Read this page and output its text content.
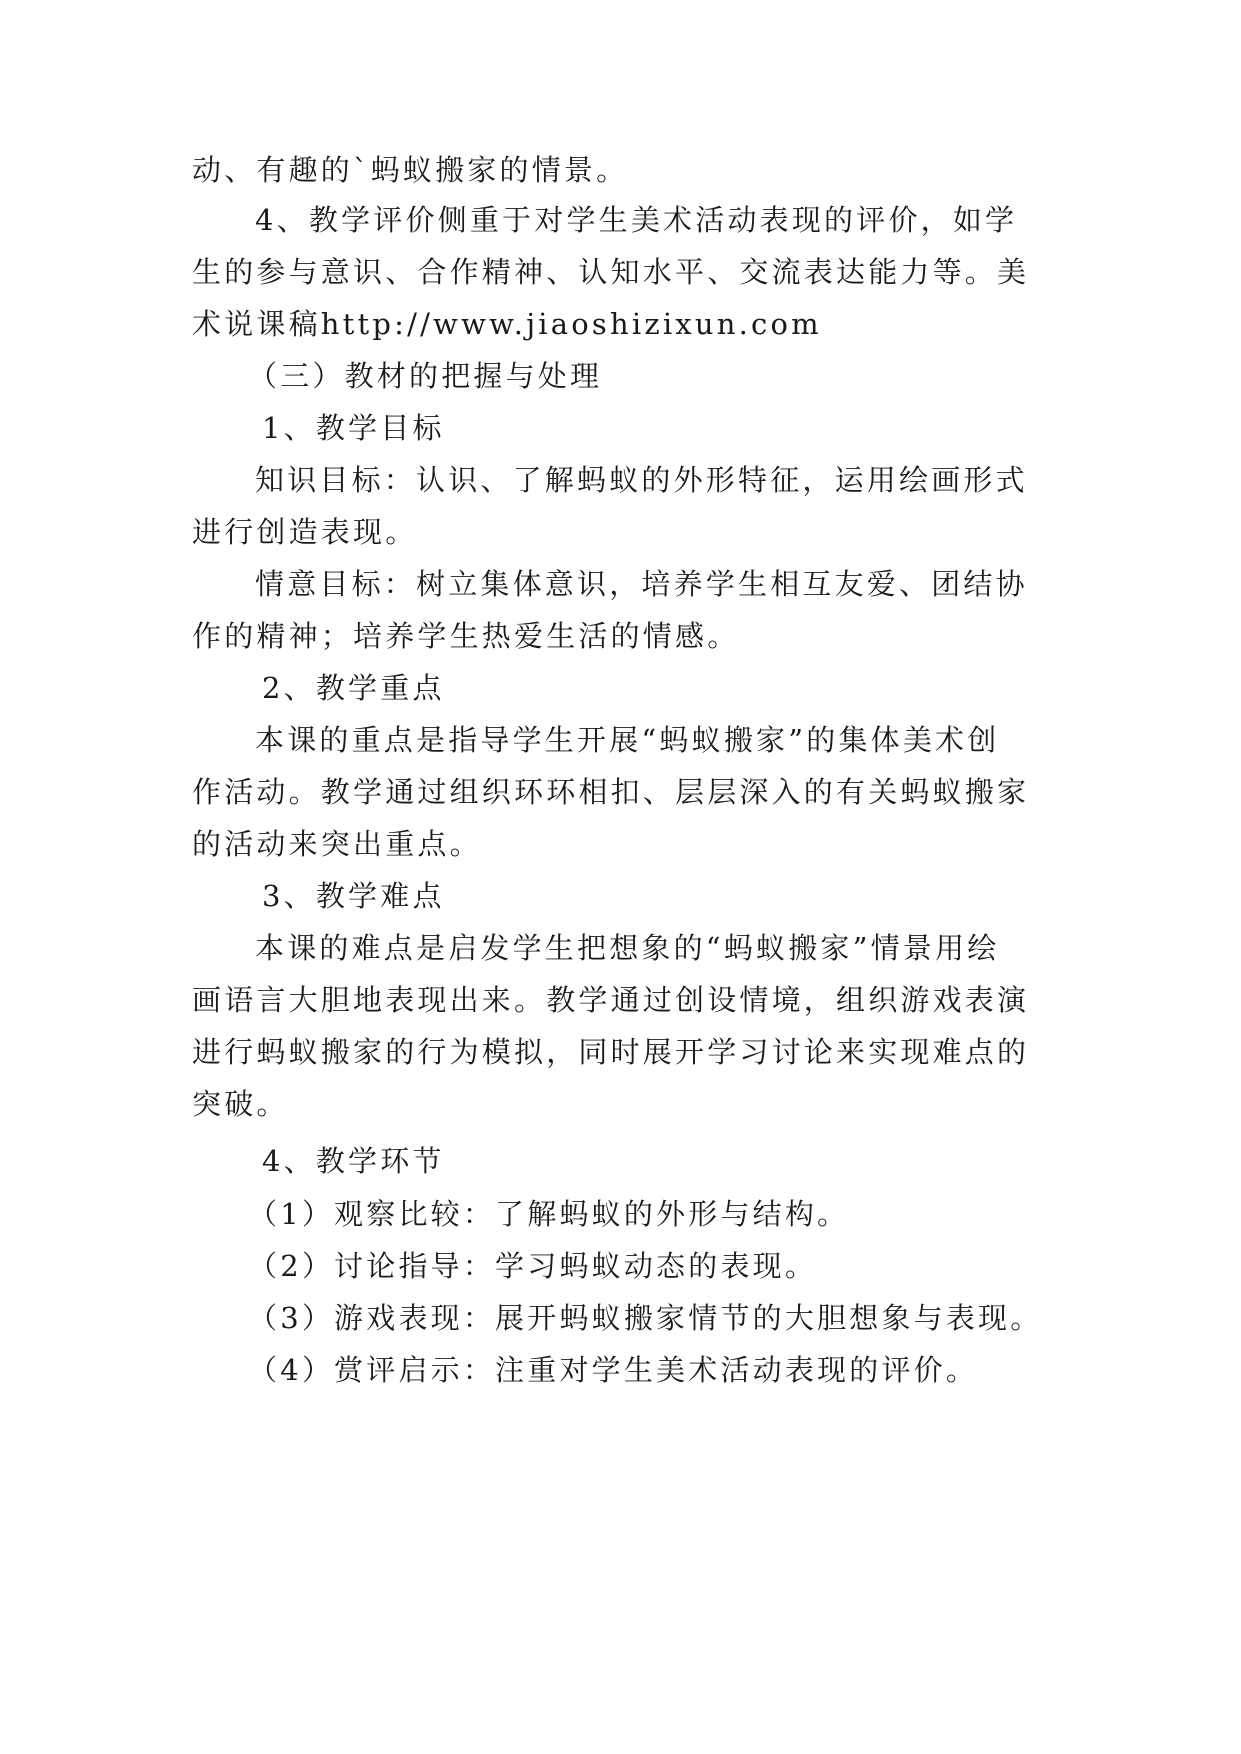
动、有趣的`蚂蚁搬家的情景。
4、教学评价侧重于对学生美术活动表现的评价，如学
生的参与意识、合作精神、认知水平、交流表达能力等。美
术说课稿http://www.jiaoshizixun.com
（三）教材的把握与处理
1、教学目标
知识目标：认识、了解蚂蚁的外形特征，运用绘画形式
进行创造表现。
情意目标：树立集体意识，培养学生相互友爱、团结协
作的精神；培养学生热爱生活的情感。
2、教学重点
本课的重点是指导学生开展“蚂蚁搬家”的集体美术创
作活动。教学通过组织环环相扣、层层深入的有关蚂蚁搬家
的活动来突出重点。
3、教学难点
本课的难点是启发学生把想象的“蚂蚁搬家”情景用绘
画语言大胆地表现出来。教学通过创设情境，组织游戏表演
进行蚂蚁搬家的行为模拟，同时展开学习讨论来实现难点的
突破。
4、教学环节
（1）观察比较：了解蚂蚁的外形与结构。
（2）讨论指导：学习蚂蚁动态的表现。
（3）游戏表现：展开蚂蚁搬家情节的大胆想象与表现。
（4）赏评启示：注重对学生美术活动表现的评价。
